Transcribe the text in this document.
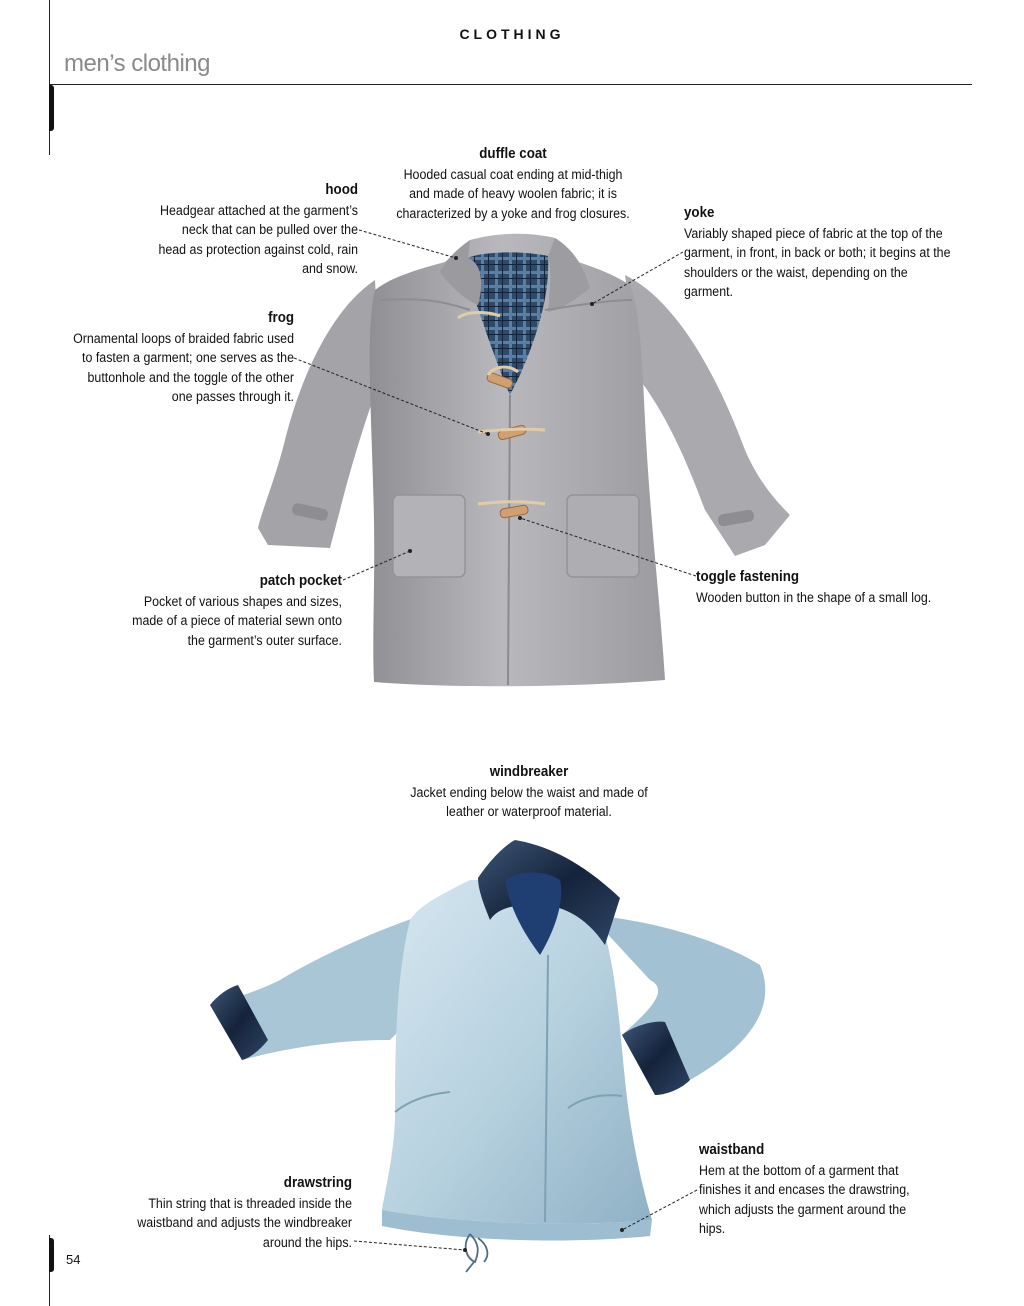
CLOTHING
men’s clothing
duffle coat
Hooded casual coat ending at mid-thigh and made of heavy woolen fabric; it is characterized by a yoke and frog closures.
hood
Headgear attached at the garment’s neck that can be pulled over the head as protection against cold, rain and snow.
frog
Ornamental loops of braided fabric used to fasten a garment; one serves as the buttonhole and the toggle of the other one passes through it.
yoke
Variably shaped piece of fabric at the top of the garment, in front, in back or both; it begins at the shoulders or the waist, depending on the garment.
patch pocket
Pocket of various shapes and sizes, made of a piece of material sewn onto the garment’s outer surface.
toggle fastening
Wooden button in the shape of a small log.
windbreaker
Jacket ending below the waist and made of leather or waterproof material.
drawstring
Thin string that is threaded inside the waistband and adjusts the windbreaker around the hips.
waistband
Hem at the bottom of a garment that finishes it and encases the drawstring, which adjusts the garment around the hips.
54
